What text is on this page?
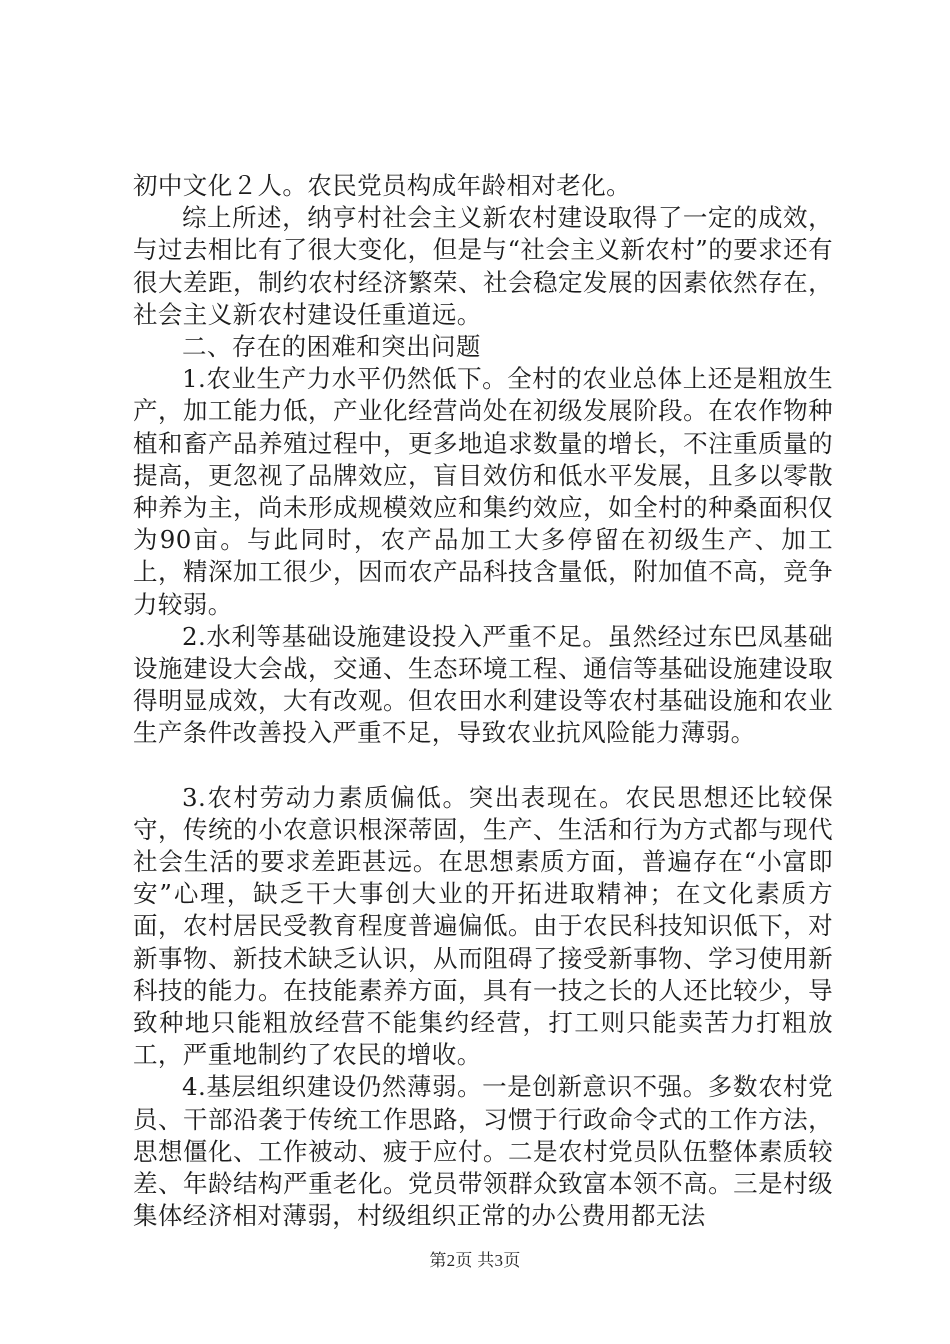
初中文化２人。农民党员构成年龄相对老化。

综上所述，纳亨村社会主义新农村建设取得了一定的成效，与过去相比有了很大变化，但是与“社会主义新农村”的要求还有很大差距，制约农村经济繁荣、社会稳定发展的因素依然存在，社会主义新农村建设任重道远。

二、存在的困难和突出问题

1.农业生产力水平仍然低下。全村的农业总体上还是粗放生产，加工能力低，产业化经营尚处在初级发展阶段。在农作物种植和畜产品养殖过程中，更多地追求数量的增长，不注重质量的提高，更忽视了品牌效应，盲目效仿和低水平发展，且多以零散种养为主，尚未形成规模效应和集约效应，如全村的种桑面积仅为90亩。与此同时，农产品加工大多停留在初级生产、加工上，精深加工很少，因而农产品科技含量低，附加值不高，竞争力较弱。

2.水利等基础设施建设投入严重不足。虽然经过东巴凤基础设施建设大会战，交通、生态环境工程、通信等基础设施建设取得明显成效，大有改观。但农田水利建设等农村基础设施和农业生产条件改善投入严重不足，导致农业抗风险能力薄弱。

3.农村劳动力素质偏低。突出表现在。农民思想还比较保守，传统的小农意识根深蒂固，生产、生活和行为方式都与现代社会生活的要求差距甚远。在思想素质方面，普遍存在“小富即安”心理，缺乏干大事创大业的开拓进取精神；在文化素质方面，农村居民受教育程度普遍偏低。由于农民科技知识低下，对新事物、新技术缺乏认识，从而阻碍了接受新事物、学习使用新科技的能力。在技能素养方面，具有一技之长的人还比较少，导致种地只能粗放经营不能集约经营，打工则只能卖苦力打粗放工，严重地制约了农民的增收。

4.基层组织建设仍然薄弱。一是创新意识不强。多数农村党员、干部沿袭于传统工作思路，习惯于行政命令式的工作方法，思想僵化、工作被动、疲于应付。二是农村党员队伍整体素质较差、年龄结构严重老化。党员带领群众致富本领不高。三是村级集体经济相对薄弱，村级组织正常的办公费用都无法

第2页 共3页
